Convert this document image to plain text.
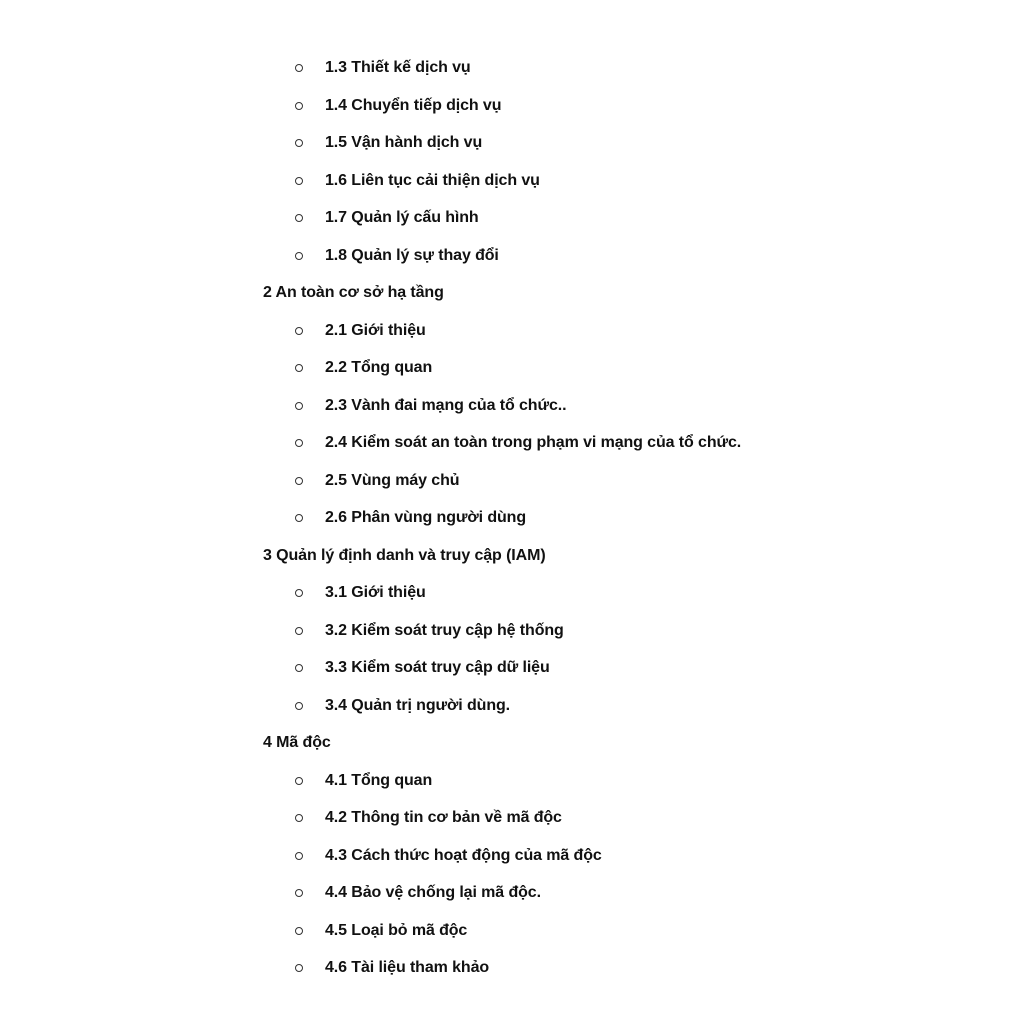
1.3 Thiết kế dịch vụ
1.4 Chuyển tiếp dịch vụ
1.5 Vận hành dịch vụ
1.6 Liên tục cải thiện dịch vụ
1.7 Quản lý cấu hình
1.8 Quản lý sự thay đổi
2 An toàn cơ sở hạ tầng
2.1 Giới thiệu
2.2 Tổng quan
2.3 Vành đai mạng của tổ chức..
2.4 Kiểm soát an toàn trong phạm vi mạng của tổ chức.
2.5 Vùng máy chủ
2.6 Phân vùng người dùng
3 Quản lý định danh và truy cập (IAM)
3.1 Giới thiệu
3.2 Kiểm soát truy cập hệ thống
3.3 Kiểm soát truy cập dữ liệu
3.4 Quản trị người dùng.
4 Mã độc
4.1 Tổng quan
4.2 Thông tin cơ bản về mã độc
4.3 Cách thức hoạt động của mã độc
4.4 Bảo vệ chống lại mã độc.
4.5 Loại bỏ mã độc
4.6 Tài liệu tham khảo
